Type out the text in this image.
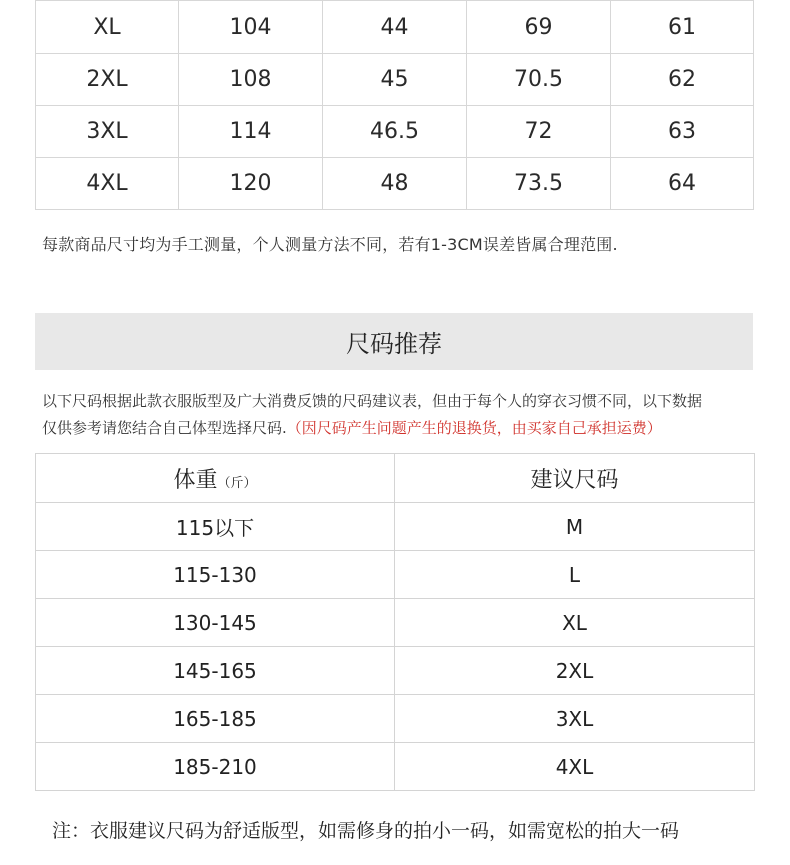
XL	104	44	69	61
2XL	108	45	70.5	62
3XL	114	46.5	72	63
4XL	120	48	73.5	64
每款商品尺寸均为手工测量，个人测量方法不同，若有1-3CM误差皆属合理范围.
尺码推荐
以下尺码根据此款衣服版型及广大消费反馈的尺码建议表，但由于每个人的穿衣习惯不同，以下数据
仅供参考请您结合自己体型选择尺码.（因尺码产生问题产生的退换货，由买家自己承担运费）
体重（斤）	建议尺码
115以下	M
115-130	L
130-145	XL
145-165	2XL
165-185	3XL
185-210	4XL
注：衣服建议尺码为舒适版型，如需修身的拍小一码，如需宽松的拍大一码
